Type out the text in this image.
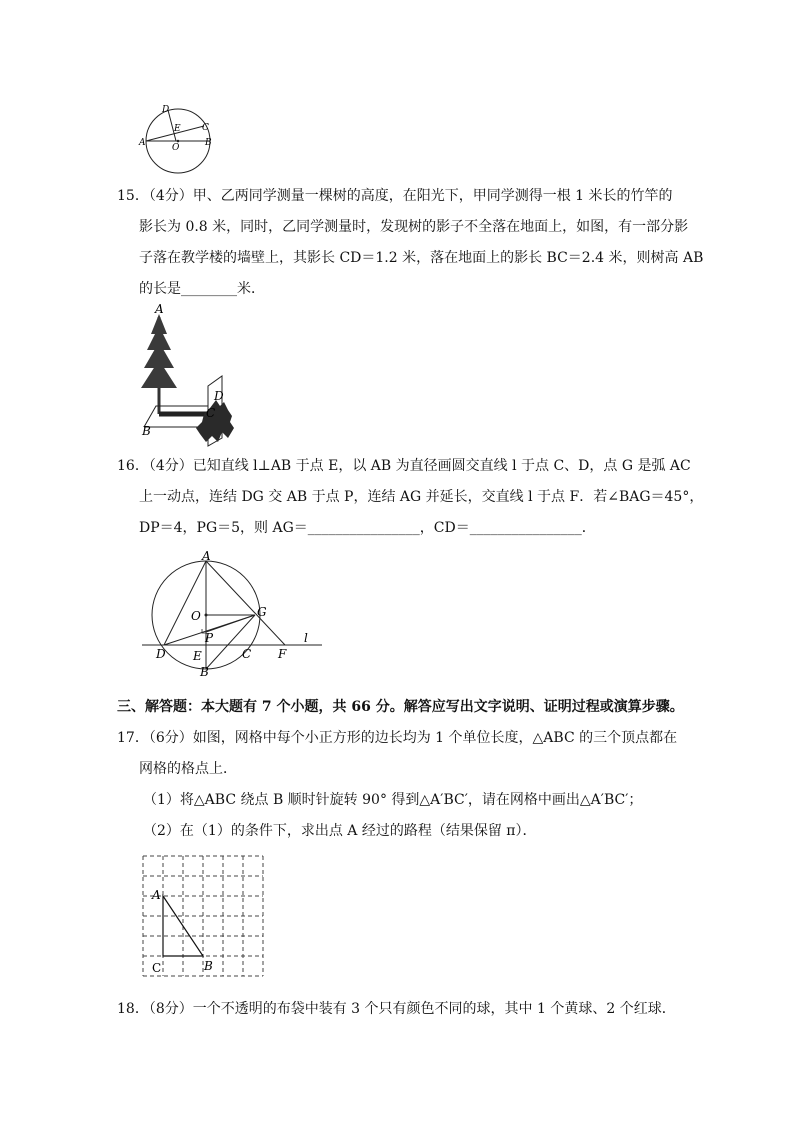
D
E C
A	O	B
15．（4分）甲、乙两同学测量一棵树的高度，在阳光下，甲同学测得一根 1 米长的竹竿的
影长为 0.8 米，同时，乙同学测量时，发现树的影子不全落在地面上，如图，有一部分影
子落在教学楼的墙壁上，其影长 CD＝1.2 米，落在地面上的影长 BC＝2.4 米，则树高 AB
的长是________米．
A
D
C
B
16．（4分）已知直线 l⊥AB 于点 E，以 AB 为直径画圆交直线 l 于点 C、D，点 G 是弧 AC
上一动点，连结 DG 交 AB 于点 P，连结 AG 并延长，交直线 l 于点 F．若∠BAG＝45°，
DP＝4，PG＝5，则 AG＝________________，CD＝________________．
A
O	G
P
D E	C F
B
l
三、解答题：本大题有 7 个小题，共 66 分。解答应写出文字说明、证明过程或演算步骤。
17．（6分）如图，网格中每个小正方形的边长均为 1 个单位长度，△ABC 的三个顶点都在
网格的格点上．
（1）将△ABC 绕点 B 顺时针旋转 90° 得到△A′BC′，请在网格中画出△A′BC′；
（2）在（1）的条件下，求出点 A 经过的路程（结果保留 π）．
A
C	B
18．（8分）一个不透明的布袋中装有 3 个只有颜色不同的球，其中 1 个黄球、2 个红球．
